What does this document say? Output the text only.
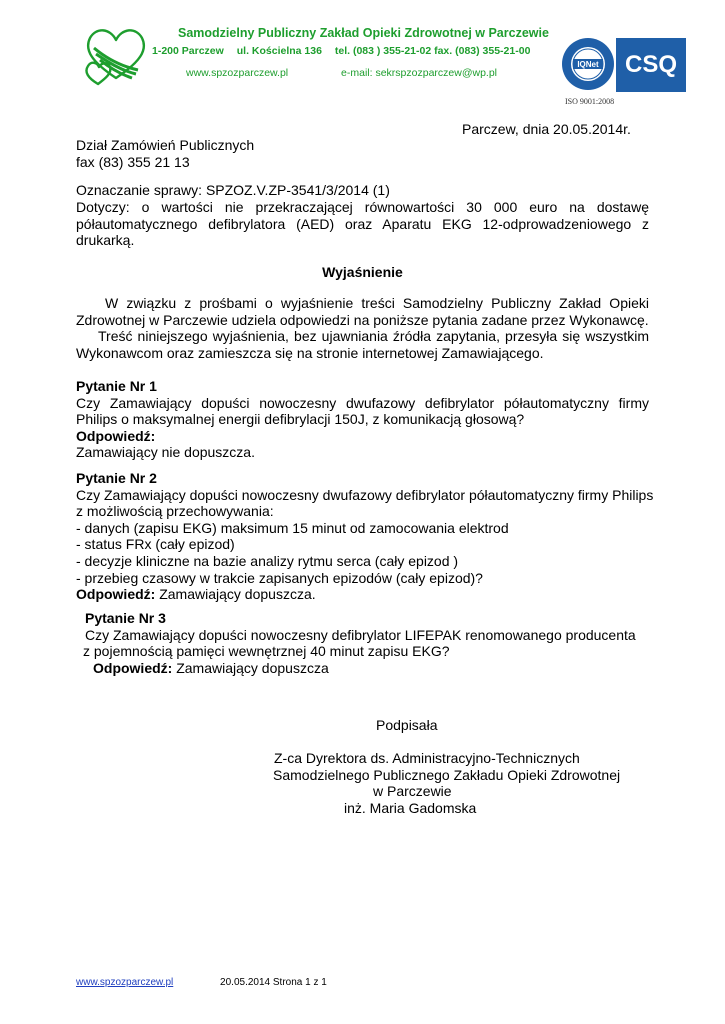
Samodzielny Publiczny Zakład Opieki Zdrowotnej w Parczewie
1-200 Parczew ul. Kościelna 136 tel. (083 ) 355-21-02 fax. (083) 355-21-00
www.spzozparczew.pl	e-mail: sekrspzozparczew@wp.pl
IQNet CSQ
ISO 9001:2008
Parczew, dnia 20.05.2014r.
Dział Zamówień Publicznych
fax (83) 355 21 13
Oznaczanie sprawy: SPZOZ.V.ZP-3541/3/2014 (1)
Dotyczy: o wartości nie przekraczającej równowartości 30 000 euro na dostawę półautomatycznego defibrylatora (AED) oraz Aparatu EKG 12-odprowadzeniowego z drukarką.
Wyjaśnienie
W związku z prośbami o wyjaśnienie treści Samodzielny Publiczny Zakład Opieki Zdrowotnej w Parczewie udziela odpowiedzi na poniższe pytania zadane przez Wykonawcę.
Treść niniejszego wyjaśnienia, bez ujawniania źródła zapytania, przesyła się wszystkim Wykonawcom oraz zamieszcza się na stronie internetowej Zamawiającego.
Pytanie Nr 1
Czy Zamawiający dopuści nowoczesny dwufazowy defibrylator półautomatyczny firmy Philips o maksymalnej energii defibrylacji 150J, z komunikacją głosową?
Odpowiedź:
Zamawiający nie dopuszcza.
Pytanie Nr 2
Czy Zamawiający dopuści nowoczesny dwufazowy defibrylator półautomatyczny firmy Philips
z możliwością przechowywania:
- danych (zapisu EKG) maksimum 15 minut od zamocowania elektrod
- status FRx (cały epizod)
- decyzje kliniczne na bazie analizy rytmu serca (cały epizod )
- przebieg czasowy w trakcie zapisanych epizodów (cały epizod)?
Odpowiedź: Zamawiający dopuszcza.
Pytanie Nr 3
Czy Zamawiający dopuści nowoczesny defibrylator LIFEPAK renomowanego producenta
z pojemnością pamięci wewnętrznej 40 minut zapisu EKG?
Odpowiedź: Zamawiający dopuszcza
Podpisała
Z-ca Dyrektora ds. Administracyjno-Technicznych
Samodzielnego Publicznego Zakładu Opieki Zdrowotnej
w Parczewie
inż. Maria Gadomska
www.spzozparczew.pl	20.05.2014 Strona 1 z 1
